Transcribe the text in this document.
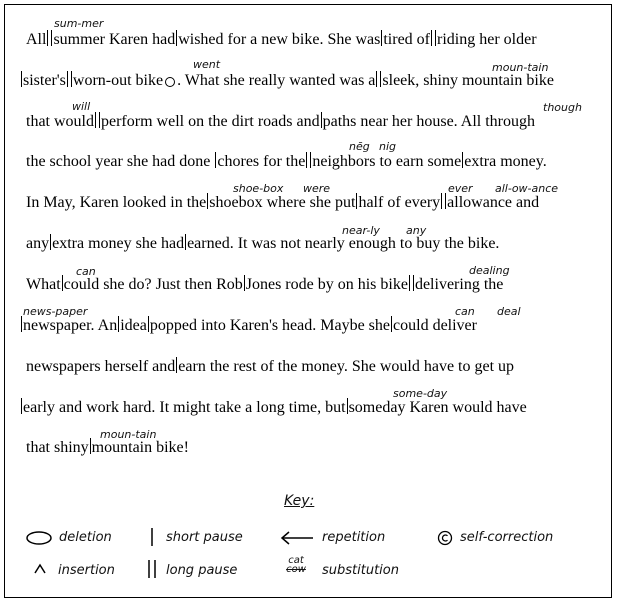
All summer Karen had wished for a new bike. She was tired of riding her older
sister's worn-out bike . What she really wanted was a sleek, shiny mountain bike
that would perform well on the dirt roads and paths near her house. All through
the school year she had done chores for the neighbors to earn some extra money.
In May, Karen looked in the shoebox where she put half of every allowance and
any extra money she had earned. It was not nearly enough to buy the bike.
What could she do? Just then Rob Jones rode by on his bike delivering the
newspaper. An idea popped into Karen's head. Maybe she could deliver
newspapers herself and earn the rest of the money. She would have to get up
early and work hard. It might take a long time, but someday Karen would have
that shiny mountain bike!
sum-mer
went	moun-tain
will	though
nēg nig
shoe-box were	ever all-ow-ance
near-ly any
can	dealing
news-paper	can deal
some-day
moun-tain
Key:
deletion	short pause	repetition	self-correction
insertion	long pause
cat
cow substitution
